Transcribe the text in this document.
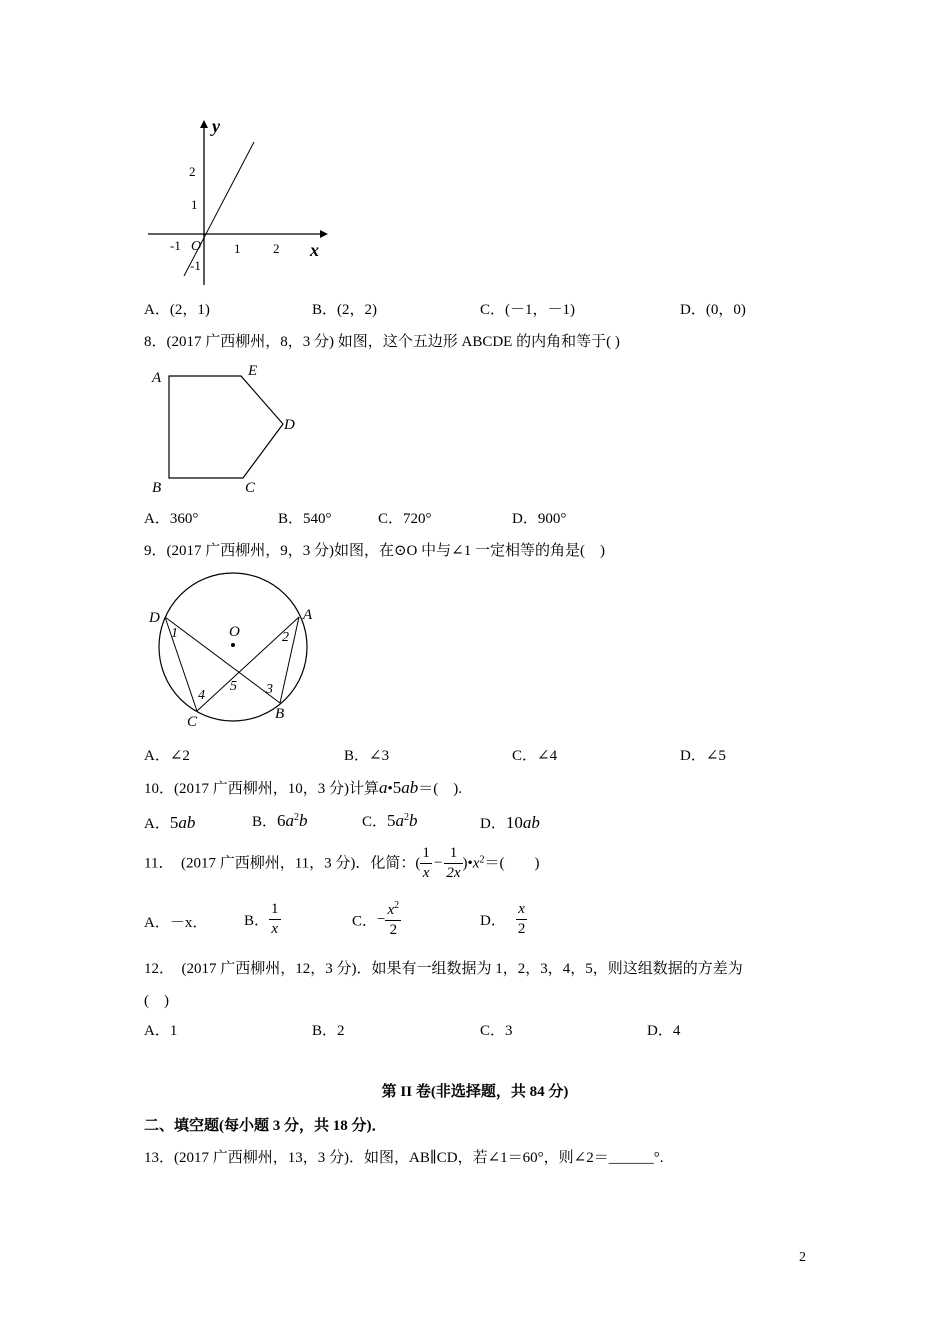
y
x
O
-1	1	2
2
1
-1
A．(2，1)	B．(2，2)	C．(－1，－1)	D．(0，0)
8．(2017 广西柳州，8，3 分) 如图，这个五边形 ABCDE 的内角和等于( )
A	E
D
B	C
A．360°	B．540°	C．720°	D．900°
9．(2017 广西柳州，9，3 分)如图，在⊙O 中与∠1 一定相等的角是(　)
D	A
C	B
O
1	2
3
4
5
A．∠2	B．∠3	C．∠4	D．∠5
10．(2017 广西柳州，10，3 分)计算a•5ab＝(　).
A．5ab	B．$6a^2b$	C．$5a^2b$	D．10ab
11．　(2017 广西柳州，11，3 分)．化简：( $\frac{1}{x} - \frac{1}{2x}$ )$•x^2=$(　　)
A．－x． B． $\frac{1}{x}$	C．− $\frac{x^2}{2}$	D． $\frac{x}{2}$
12．　(2017 广西柳州，12，3 分)．如果有一组数据为 1，2，3，4，5，则这组数据的方差为
(　)
A．1	B．2	C．3	D．4
第 II 卷(非选择题，共 84 分)
二、填空题(每小题 3 分，共 18 分)．
13．(2017 广西柳州，13，3 分)．如图，AB∥CD，若∠1＝60°，则∠2＝______°.
2
